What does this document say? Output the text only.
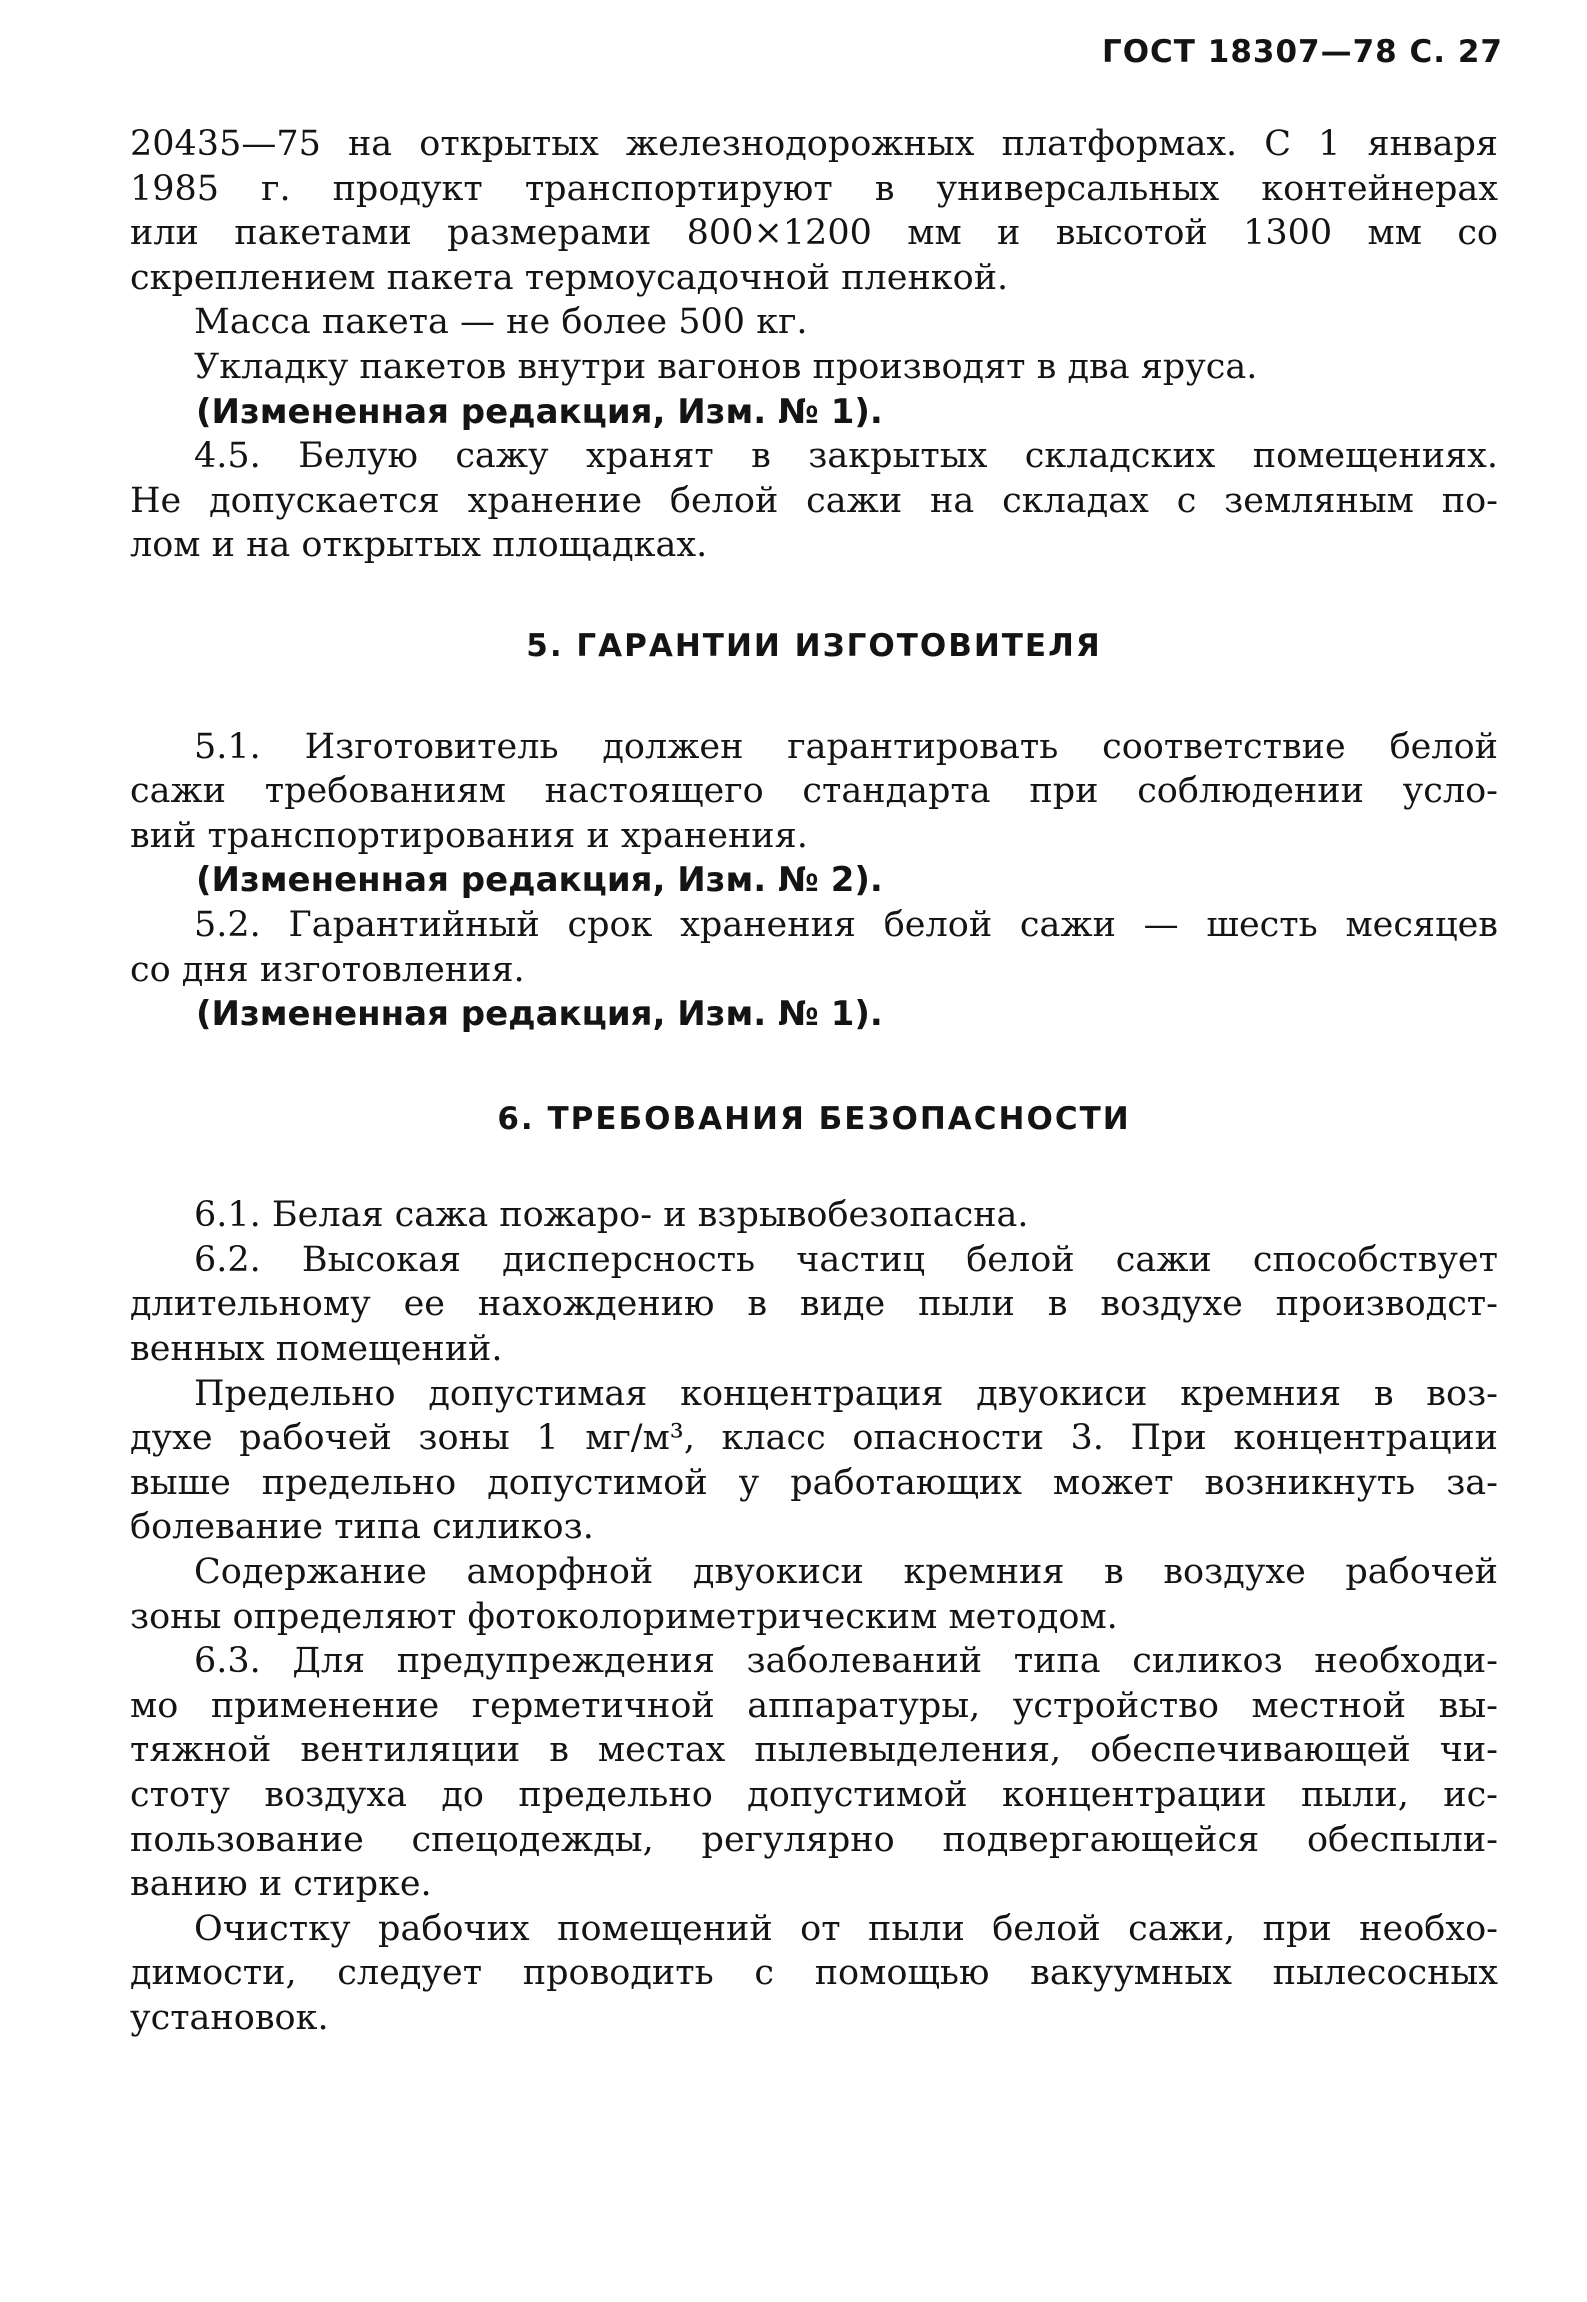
ГОСТ 18307—78 С. 27

20435—75 на открытых железнодорожных платформах. С 1 января

1985 г. продукт транспортируют в универсальных контейнерах

или пакетами размерами 800×1200 мм и высотой 1300 мм со

скреплением пакета термоусадочной пленкой.

Масса пакета — не более 500 кг.

Укладку пакетов внутри вагонов производят в два яруса.

(Измененная редакция, Изм. № 1).

4.5. Белую сажу хранят в закрытых складских помещениях.

Не допускается хранение белой сажи на складах с земляным по-

лом и на открытых площадках.

5. ГАРАНТИИ ИЗГОТОВИТЕЛЯ

5.1. Изготовитель должен гарантировать соответствие белой

сажи требованиям настоящего стандарта при соблюдении усло-

вий транспортирования и хранения.

(Измененная редакция, Изм. № 2).

5.2. Гарантийный срок хранения белой сажи — шесть месяцев

со дня изготовления.

(Измененная редакция, Изм. № 1).

6. ТРЕБОВАНИЯ БЕЗОПАСНОСТИ

6.1. Белая сажа пожаро- и взрывобезопасна.

6.2. Высокая дисперсность частиц белой сажи способствует

длительному ее нахождению в виде пыли в воздухе производст-

венных помещений.

Предельно допустимая концентрация двуокиси кремния в воз-

духе рабочей зоны 1 мг/м³, класс опасности 3. При концентрации

выше предельно допустимой у работающих может возникнуть за-

болевание типа силикоз.

Содержание аморфной двуокиси кремния в воздухе рабочей

зоны определяют фотоколориметрическим методом.

6.3. Для предупреждения заболеваний типа силикоз необходи-

мо применение герметичной аппаратуры, устройство местной вы-

тяжной вентиляции в местах пылевыделения, обеспечивающей чи-

стоту воздуха до предельно допустимой концентрации пыли, ис-

пользование спецодежды, регулярно подвергающейся обеспыли-

ванию и стирке.

Очистку рабочих помещений от пыли белой сажи, при необхо-

димости, следует проводить с помощью вакуумных пылесосных

установок.
